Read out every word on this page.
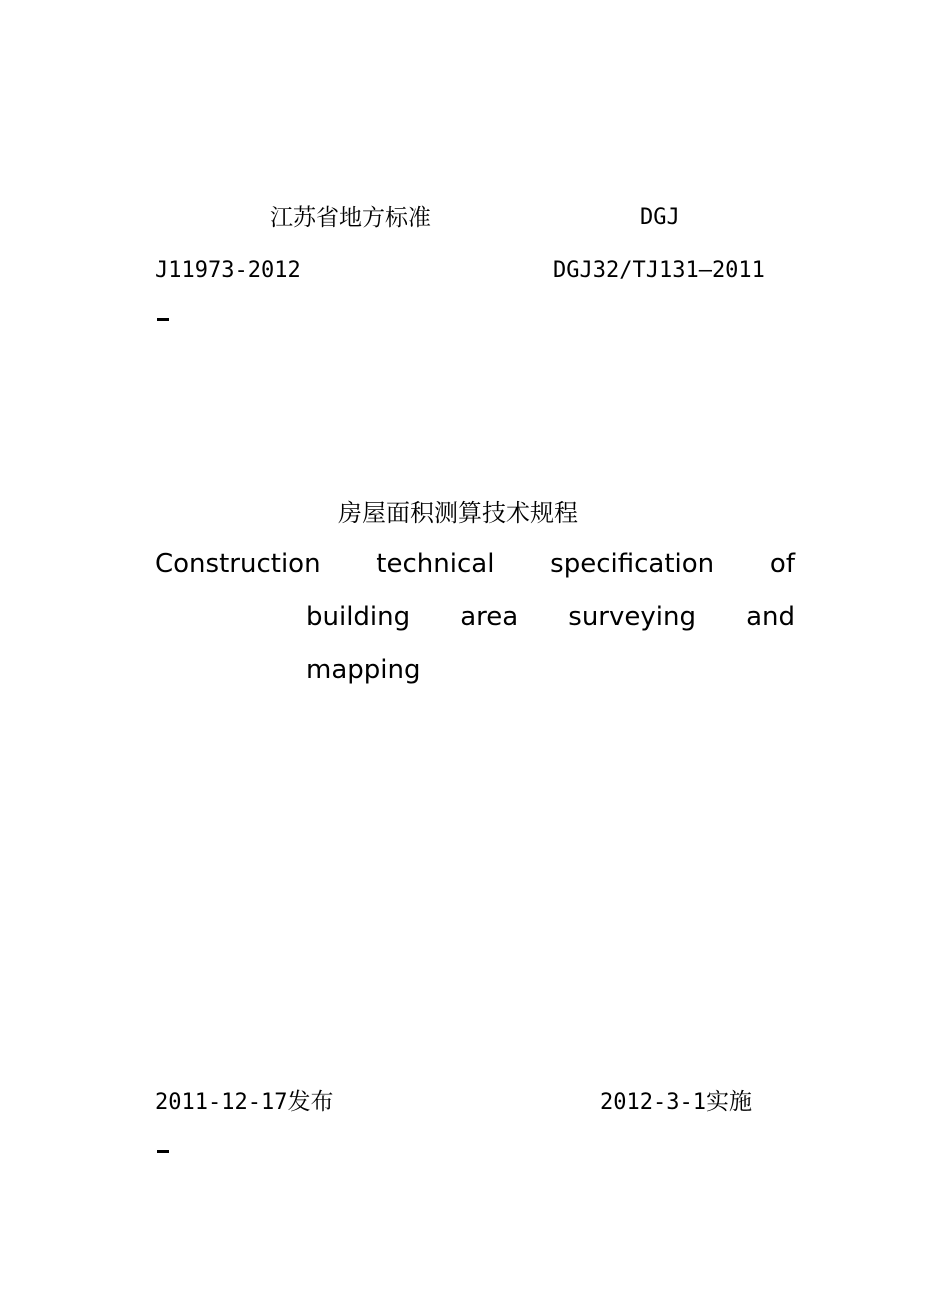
江苏省地方标准	DGJ
J11973-2012	DGJ32/TJ131—2011
房屋面积测算技术规程
Construction technical specification of
building area surveying and
mapping
2011-12-17发布	2012-3-1实施
